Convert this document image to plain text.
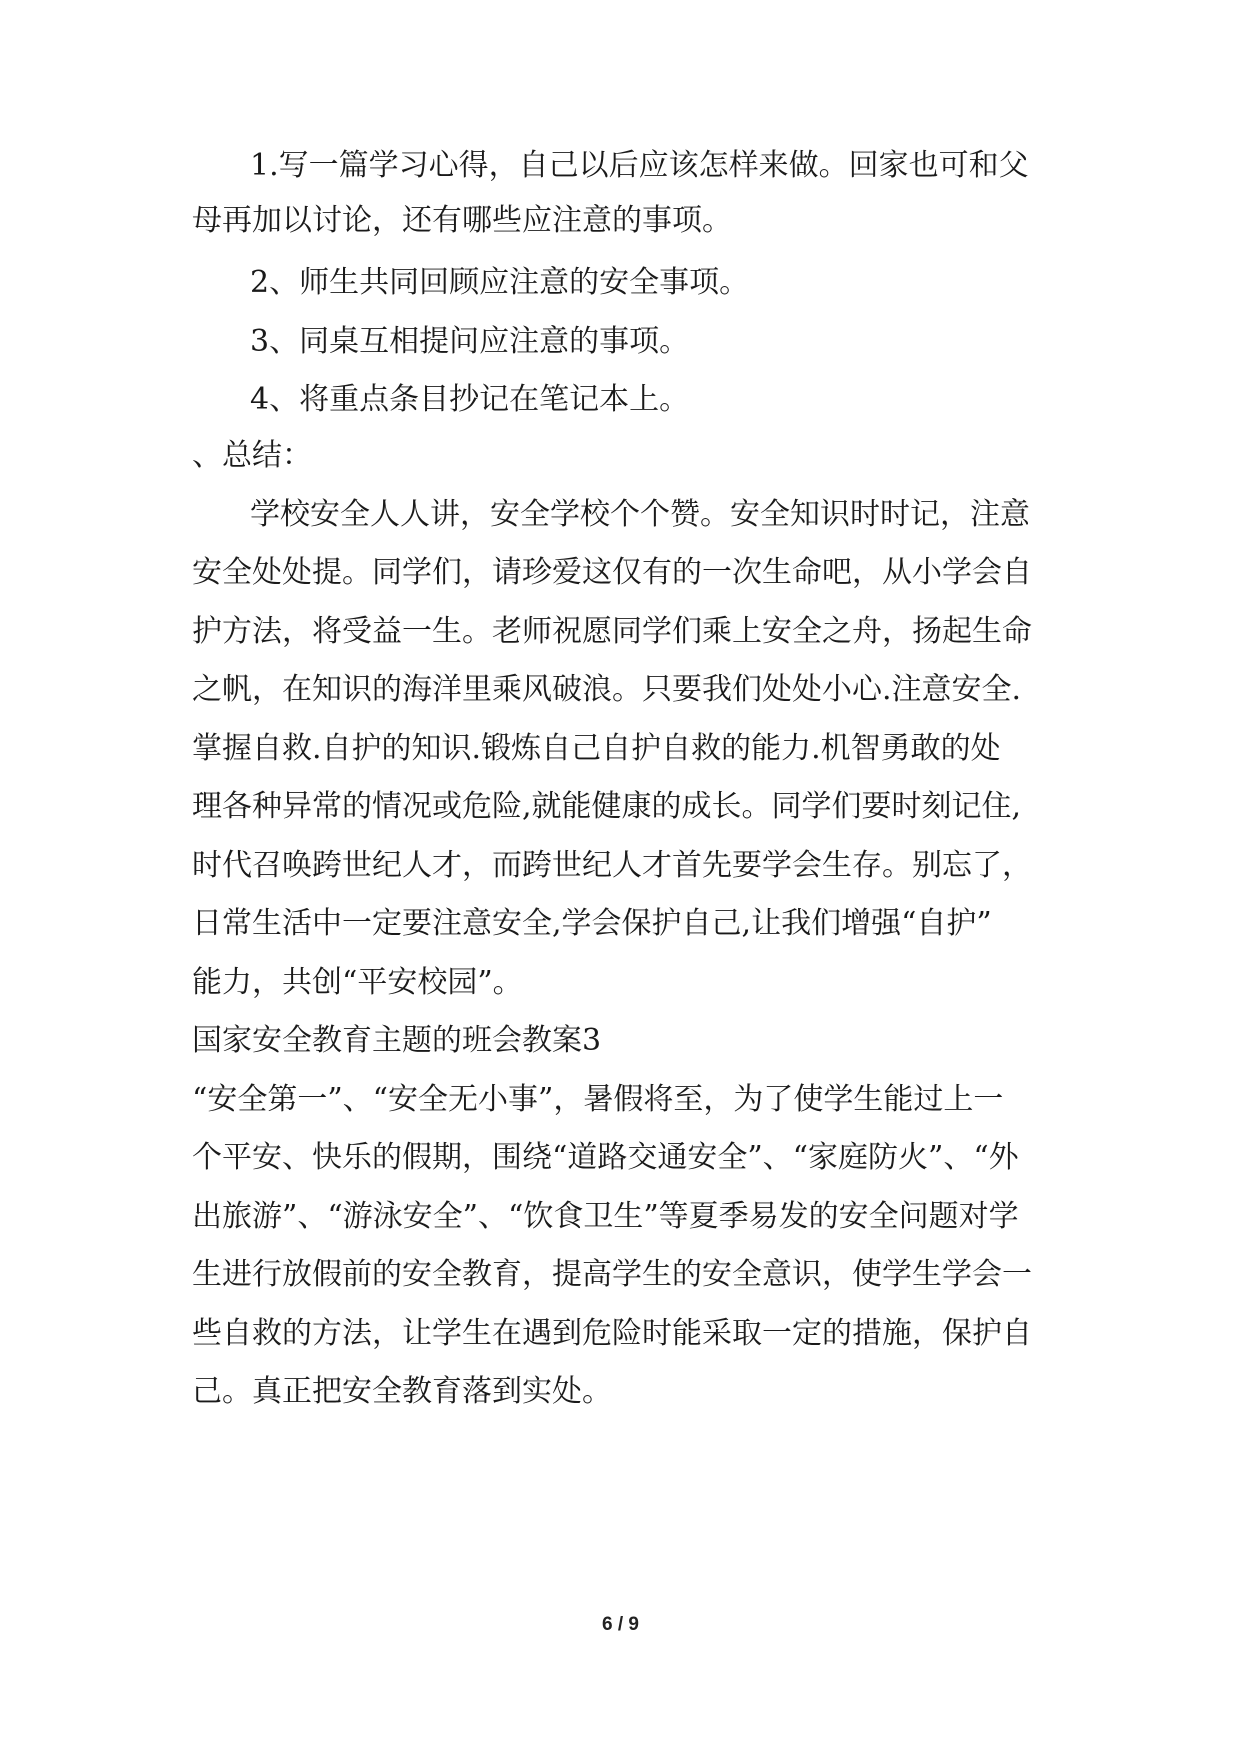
1.写一篇学习心得，自己以后应该怎样来做。回家也可和父
母再加以讨论，还有哪些应注意的事项。
2、师生共同回顾应注意的安全事项。
3、同桌互相提问应注意的事项。
4、将重点条目抄记在笔记本上。
、总结：
学校安全人人讲，安全学校个个赞。安全知识时时记，注意
安全处处提。同学们，请珍爱这仅有的一次生命吧，从小学会自
护方法，将受益一生。老师祝愿同学们乘上安全之舟，扬起生命
之帆，在知识的海洋里乘风破浪。只要我们处处小心.注意安全.
掌握自救.自护的知识.锻炼自己自护自救的能力.机智勇敢的处
理各种异常的情况或危险,就能健康的成长。同学们要时刻记住,
时代召唤跨世纪人才，而跨世纪人才首先要学会生存。别忘了，
日常生活中一定要注意安全,学会保护自己,让我们增强“自护”
能力，共创“平安校园”。
国家安全教育主题的班会教案3
“安全第一”、“安全无小事”，暑假将至，为了使学生能过上一
个平安、快乐的假期，围绕“道路交通安全”、“家庭防火”、“外
出旅游”、“游泳安全”、“饮食卫生”等夏季易发的安全问题对学
生进行放假前的安全教育，提高学生的安全意识，使学生学会一
些自救的方法，让学生在遇到危险时能采取一定的措施，保护自
己。真正把安全教育落到实处。
6 / 9
